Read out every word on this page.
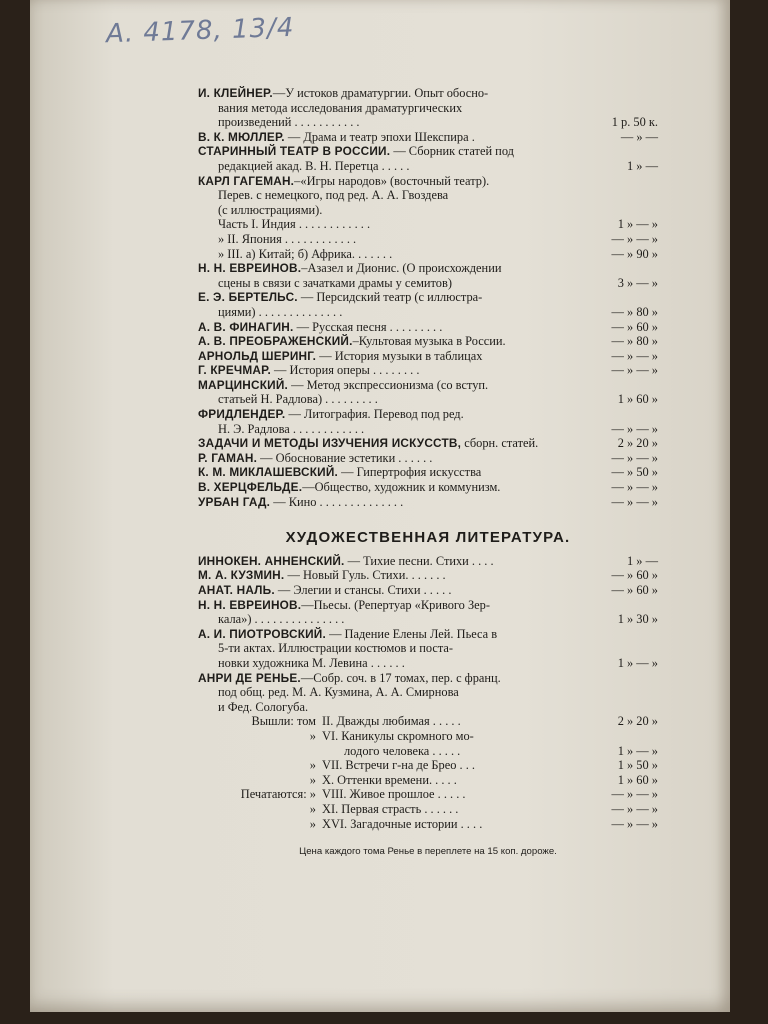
А. 4178, 13/4
И. КЛЕЙНЕР.—У истоков драматургии. Опыт обосно-
вания метода исследования драматургических
произведений . . . . . . . . . . .	1 р. 50 к.
В. К. МЮЛЛЕР. — Драма и театр эпохи Шекспира .	— » —
СТАРИННЫЙ ТЕАТР В РОССИИ. — Сборник статей под
редакцией акад. В. Н. Перетца . . . . .	1 » —
КАРЛ ГАГЕМАН.–«Игры народов» (восточный театр).
Перев. с немецкого, под ред. А. А. Гвоздева
(с иллюстрациями).
Часть I. Индия . . . . . . . . . . . .	1 » — »
» II. Япония . . . . . . . . . . . .	— » — »
» III. а) Китай; б) Африка. . . . . . .	— » 90 »
Н. Н. ЕВРЕИНОВ.–Азазел и Дионис. (О происхождении
сцены в связи с зачатками драмы у семитов)	3 » — »
Е. Э. БЕРТЕЛЬС. — Персидский театр (с иллюстра-
циями) . . . . . . . . . . . . . .	— » 80 »
А. В. ФИНАГИН. — Русская песня . . . . . . . . .	— » 60 »
А. В. ПРЕОБРАЖЕНСКИЙ.–Культовая музыка в России.	— » 80 »
АРНОЛЬД ШЕРИНГ. — История музыки в таблицах	— » — »
Г. КРЕЧМАР. — История оперы . . . . . . . .	— » — »
МАРЦИНСКИЙ. — Метод экспрессионизма (со вступ.
статьей Н. Радлова) . . . . . . . . .	1 » 60 »
ФРИДЛЕНДЕР. — Литография. Перевод под ред.
Н. Э. Радлова . . . . . . . . . . . .	— » — »
ЗАДАЧИ И МЕТОДЫ ИЗУЧЕНИЯ ИСКУССТВ, сборн. статей.	2 » 20 »
Р. ГАМАН. — Обоснование эстетики . . . . . .	— » — »
К. М. МИКЛАШЕВСКИЙ. — Гипертрофия искусства	— » 50 »
В. ХЕРЦФЕЛЬДЕ.—Общество, художник и коммунизм.	— » — »
УРБАН ГАД. — Кино . . . . . . . . . . . . . .	— » — »
ХУДОЖЕСТВЕННАЯ ЛИТЕРАТУРА.
ИННОКЕН. АННЕНСКИЙ. — Тихие песни. Стихи . . . .	1 » —
М. А. КУЗМИН. — Новый Гуль. Стихи. . . . . . .	— » 60 »
АНАТ. НАЛЬ. — Элегии и стансы. Стихи . . . . .	— » 60 »
Н. Н. ЕВРЕИНОВ.—Пьесы. (Репертуар «Кривого Зер-
кала») . . . . . . . . . . . . . . .	1 » 30 »
А. И. ПИОТРОВСКИЙ. — Падение Елены Лей. Пьеса в
5-ти актах. Иллюстрации костюмов и поста-
новки художника М. Левина . . . . . .	1 » — »
АНРИ ДЕ РЕНЬЕ.—Собр. соч. в 17 томах, пер. с франц.
под общ. ред. М. А. Кузмина, А. А. Смирнова
и Фед. Сологуба.
Вышли: том II. Дважды любимая . . . . .	2 » 20 »
» VI. Каникулы скромного мо-
лодого человека . . . . .	1 » — »
» VII. Встречи г-на де Брео . . .	1 » 50 »
» X. Оттенки времени. . . . .	1 » 60 »
Печатаются: » VIII. Живое прошлое . . . . .	— » — »
» XI. Первая страсть . . . . . .	— » — »
» XVI. Загадочные истории . . . .	— » — »
Цена каждого тома Ренье в переплете на 15 коп. дороже.
